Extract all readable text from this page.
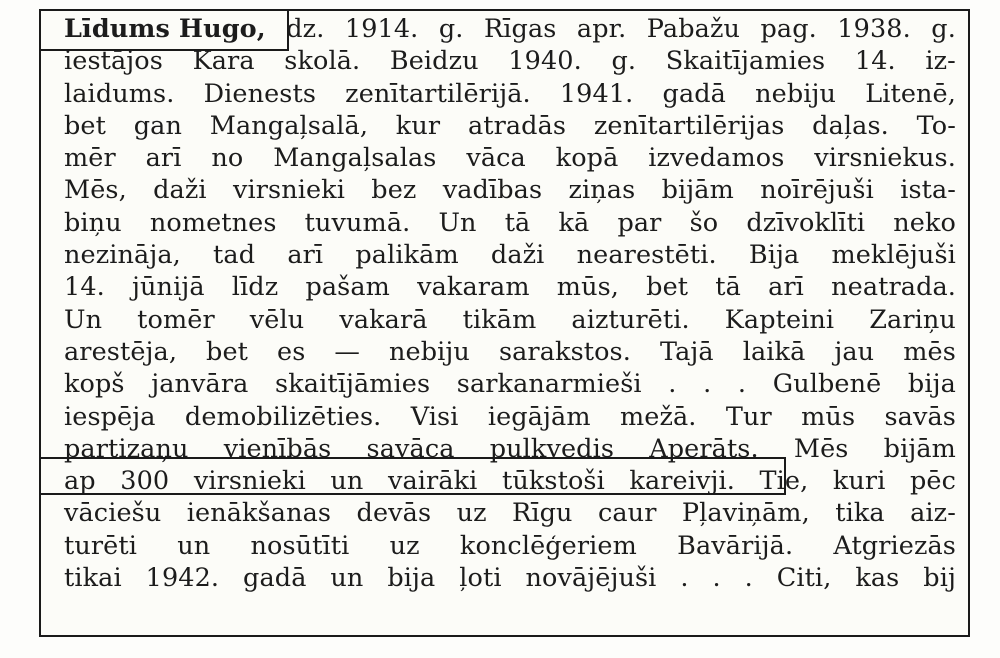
Līdums Hugo, dz. 1914. g. Rīgas apr. Pabažu pag. 1938. g.
iestājos Kara skolā. Beidzu 1940. g. Skaitījamies 14. iz-
laidums. Dienests zenītartilērijā. 1941. gadā nebiju Litenē,
bet gan Mangaļsalā, kur atradās zenītartilērijas daļas. To-
mēr arī no Mangaļsalas vāca kopā izvedamos virsniekus.
Mēs, daži virsnieki bez vadības ziņas bijām noīrējuši ista-
biņu nometnes tuvumā. Un tā kā par šo dzīvoklīti neko
nezināja, tad arī palikām daži nearestēti. Bija meklējuši
14. jūnijā līdz pašam vakaram mūs, bet tā arī neatrada.
Un tomēr vēlu vakarā tikām aizturēti. Kapteini Zariņu
arestēja, bet es — nebiju sarakstos. Tajā laikā jau mēs
kopš janvāra skaitījāmies sarkanarmieši . . . Gulbenē bija
iespēja demobilizēties. Visi iegājām mežā. Tur mūs savās
partizaņu vienībās savāca pulkvedis Aperāts. Mēs bijām
ap 300 virsnieki un vairāki tūkstoši kareivji. Tie, kuri pēc
vāciešu ienākšanas devās uz Rīgu caur Pļaviņām, tika aiz-
turēti un nosūtīti uz konclēģeriem Bavārijā. Atgriezās
tikai 1942. gadā un bija ļoti novājējuši . . . Citi, kas bij
